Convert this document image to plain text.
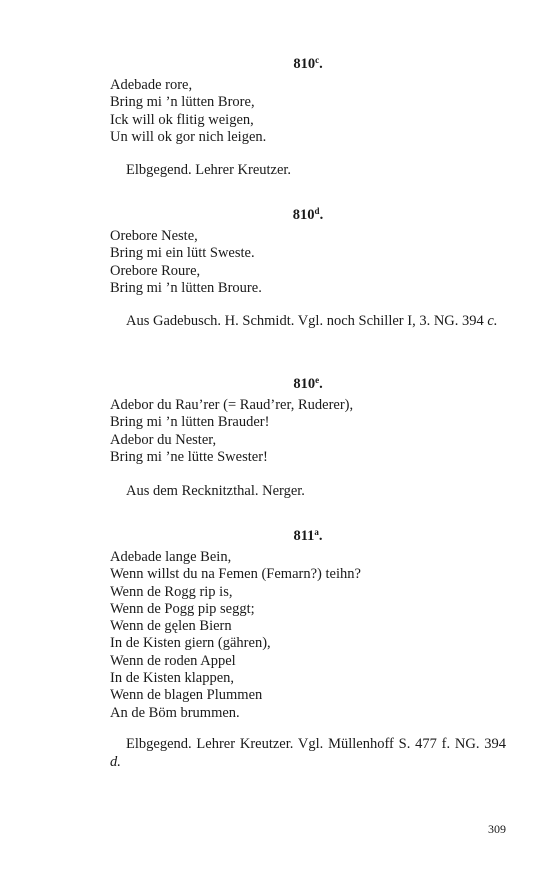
810$^c$.
Adebade rore,
Bring mi ’n lütten Brore,
Ick will ok flitig weigen,
Un will ok gor nich leigen.

Elbgegend. Lehrer Kreutzer.

810$^d$.
Orebore Neste,
Bring mi ein lütt Sweste.
Orebore Roure,
Bring mi ’n lütten Broure.

Aus Gadebusch. H. Schmidt. Vgl. noch Schiller I, 3. NG. 394 c.

810e.
Adebor du Rau’rer (= Raud’rer, Ruderer),
Bring mi ’n lütten Brauder!
Adebor du Nester,
Bring mi ’ne lütte Swester!

Aus dem Recknitzthal. Nerger.

811$^a$.
Adebade lange Bein,
Wenn willst du na Femen (Femarn?) teihn?
Wenn de Rogg rip is,
Wenn de Pogg pip seggt;
Wenn de gęlen Biern
In de Kisten giern (gähren),
Wenn de roden Appel
In de Kisten klappen,
Wenn de blagen Plummen
An de Böm brummen.

Elbgegend. Lehrer Kreutzer. Vgl. Müllenhoff S. 477 f. NG. 394 d.

309
